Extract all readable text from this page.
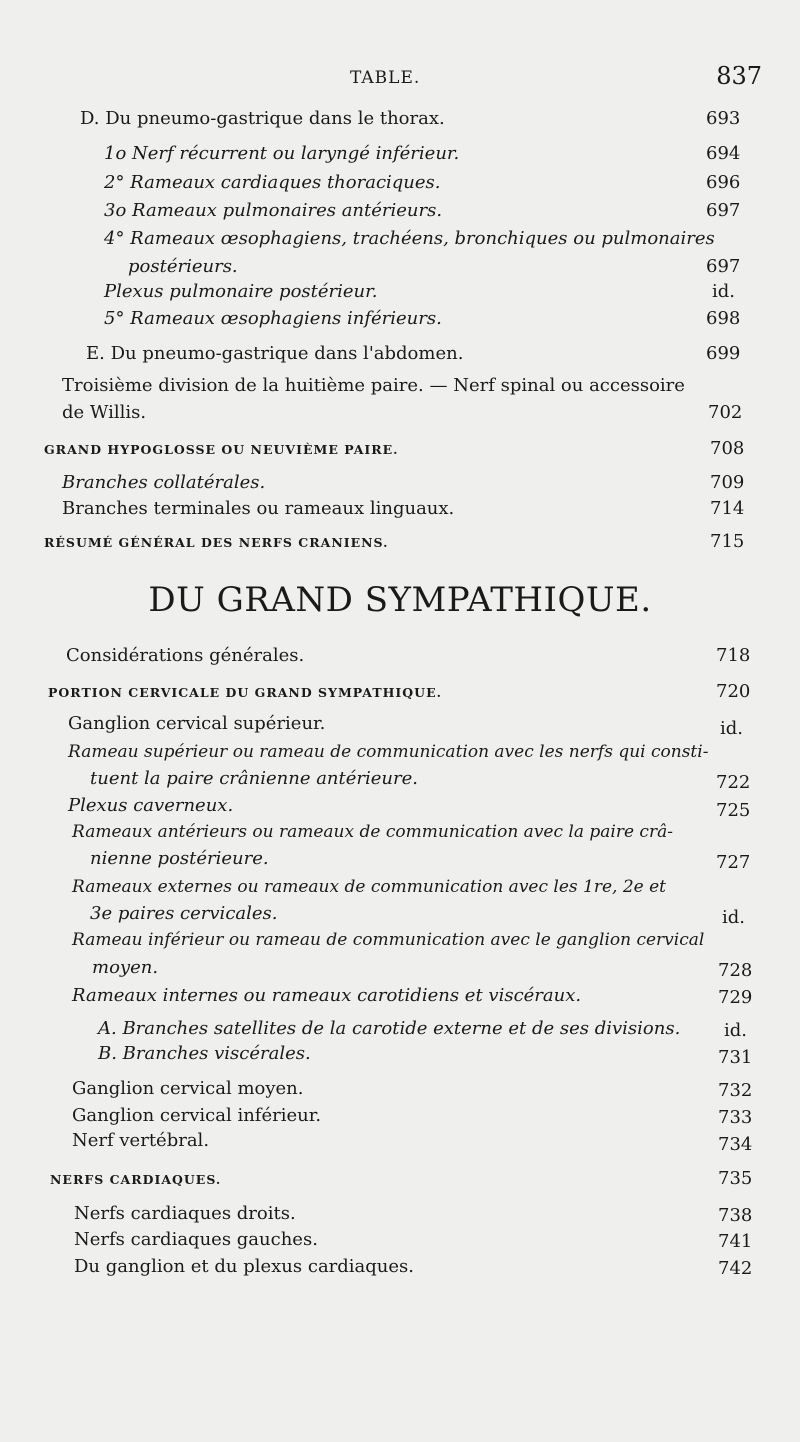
TABLE.	837
D. Du pneumo-gastrique dans le thorax.	693
1o Nerf récurrent ou laryngé inférieur.	694
2° Rameaux cardiaques thoraciques.	696
3o Rameaux pulmonaires antérieurs.	697
4° Rameaux œsophagiens, trachéens, bronchiques ou pulmonaires
postérieurs.	697
Plexus pulmonaire postérieur.	id.
5° Rameaux œsophagiens inférieurs.	698
E. Du pneumo-gastrique dans l'abdomen.	699
Troisième division de la huitième paire. — Nerf spinal ou accessoire
de Willis.	702
GRAND HYPOGLOSSE OU NEUVIÈME PAIRE.	708
Branches collatérales.	709
Branches terminales ou rameaux linguaux.	714
RÉSUMÉ GÉNÉRAL DES NERFS CRANIENS.	715
DU GRAND SYMPATHIQUE.
Considérations générales.	718
PORTION CERVICALE DU GRAND SYMPATHIQUE.	720
Ganglion cervical supérieur.	id.
Rameau supérieur ou rameau de communication avec les nerfs qui consti-
tuent la paire crânienne antérieure.	722
Plexus caverneux.	725
Rameaux antérieurs ou rameaux de communication avec la paire crâ-
nienne postérieure.	727
Rameaux externes ou rameaux de communication avec les 1re, 2e et
3e paires cervicales.	id.
Rameau inférieur ou rameau de communication avec le ganglion cervical
moyen.	728
Rameaux internes ou rameaux carotidiens et viscéraux.	729
A. Branches satellites de la carotide externe et de ses divisions. id.
B. Branches viscérales.	731
Ganglion cervical moyen.	732
Ganglion cervical inférieur.	733
Nerf vertébral.	734
NERFS CARDIAQUES.	735
Nerfs cardiaques droits.	738
Nerfs cardiaques gauches.	741
Du ganglion et du plexus cardiaques.	742
